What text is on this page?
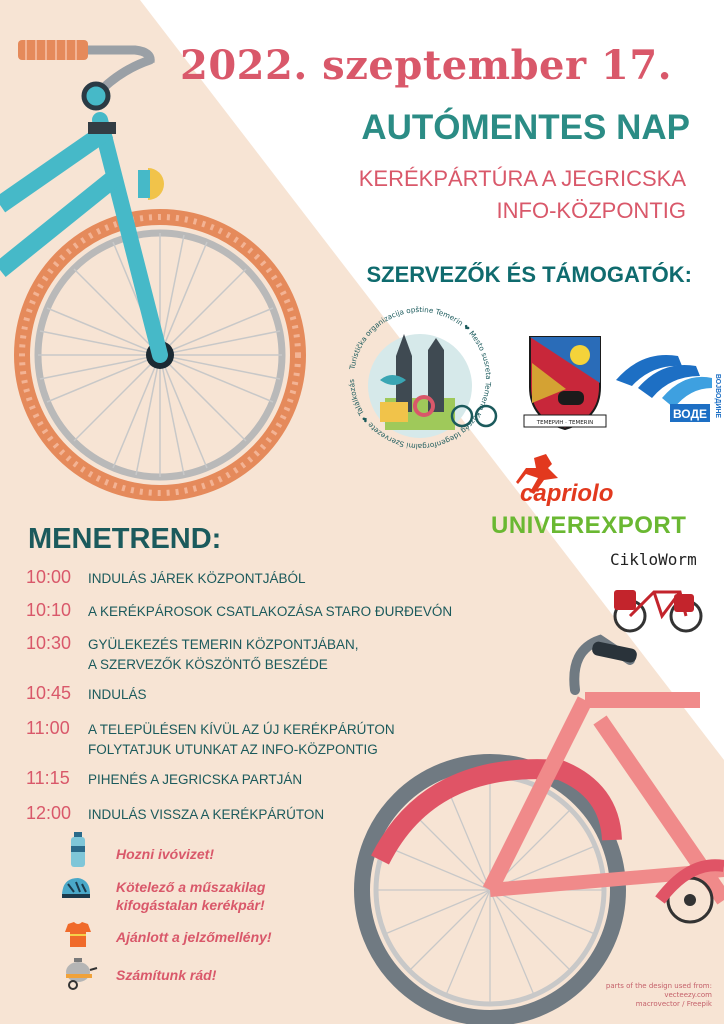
2022. szeptember 17.
AUTÓMENTES NAP
KERÉKPÁRTÚRA A JEGRICSKA
INFO-KÖZPONTIG
SZERVEZŐK ÉS TÁMOGATÓK:
Turistička organizacija opštine Temerin ❤ Mesto susreta Temerin Község Idegenforgalmi Szervezete ❤ Találkozás
ТЕМЕРИН · TEMERIN
ВОДЕ ВОЈВОДИНЕ
capriolo
UNIVEREXPORT
CikloWorm
MENETREND:
10:00 INDULÁS JÁREK KÖZPONTJÁBÓL
10:10 A KERÉKPÁROSOK CSATLAKOZÁSA STARO ĐURĐEVÓN
10:30 GYÜLEKEZÉS TEMERIN KÖZPONTJÁBAN,
A SZERVEZŐK KÖSZÖNTŐ BESZÉDE
10:45 INDULÁS
11:00 A TELEPÜLÉSEN KÍVÜL AZ ÚJ KERÉKPÁRÚTON
FOLYTATJUK UTUNKAT AZ INFO-KÖZPONTIG
11:15 PIHENÉS A JEGRICSKA PARTJÁN
12:00 INDULÁS VISSZA A KERÉKPÁRÚTON
Hozni ivóvizet!
Kötelező a műszakilag
kifogástalan kerékpár!
Ajánlott a jelzőmellény!
Számítunk rád!
parts of the design used from:
vecteezy.com
macrovector / Freepik
